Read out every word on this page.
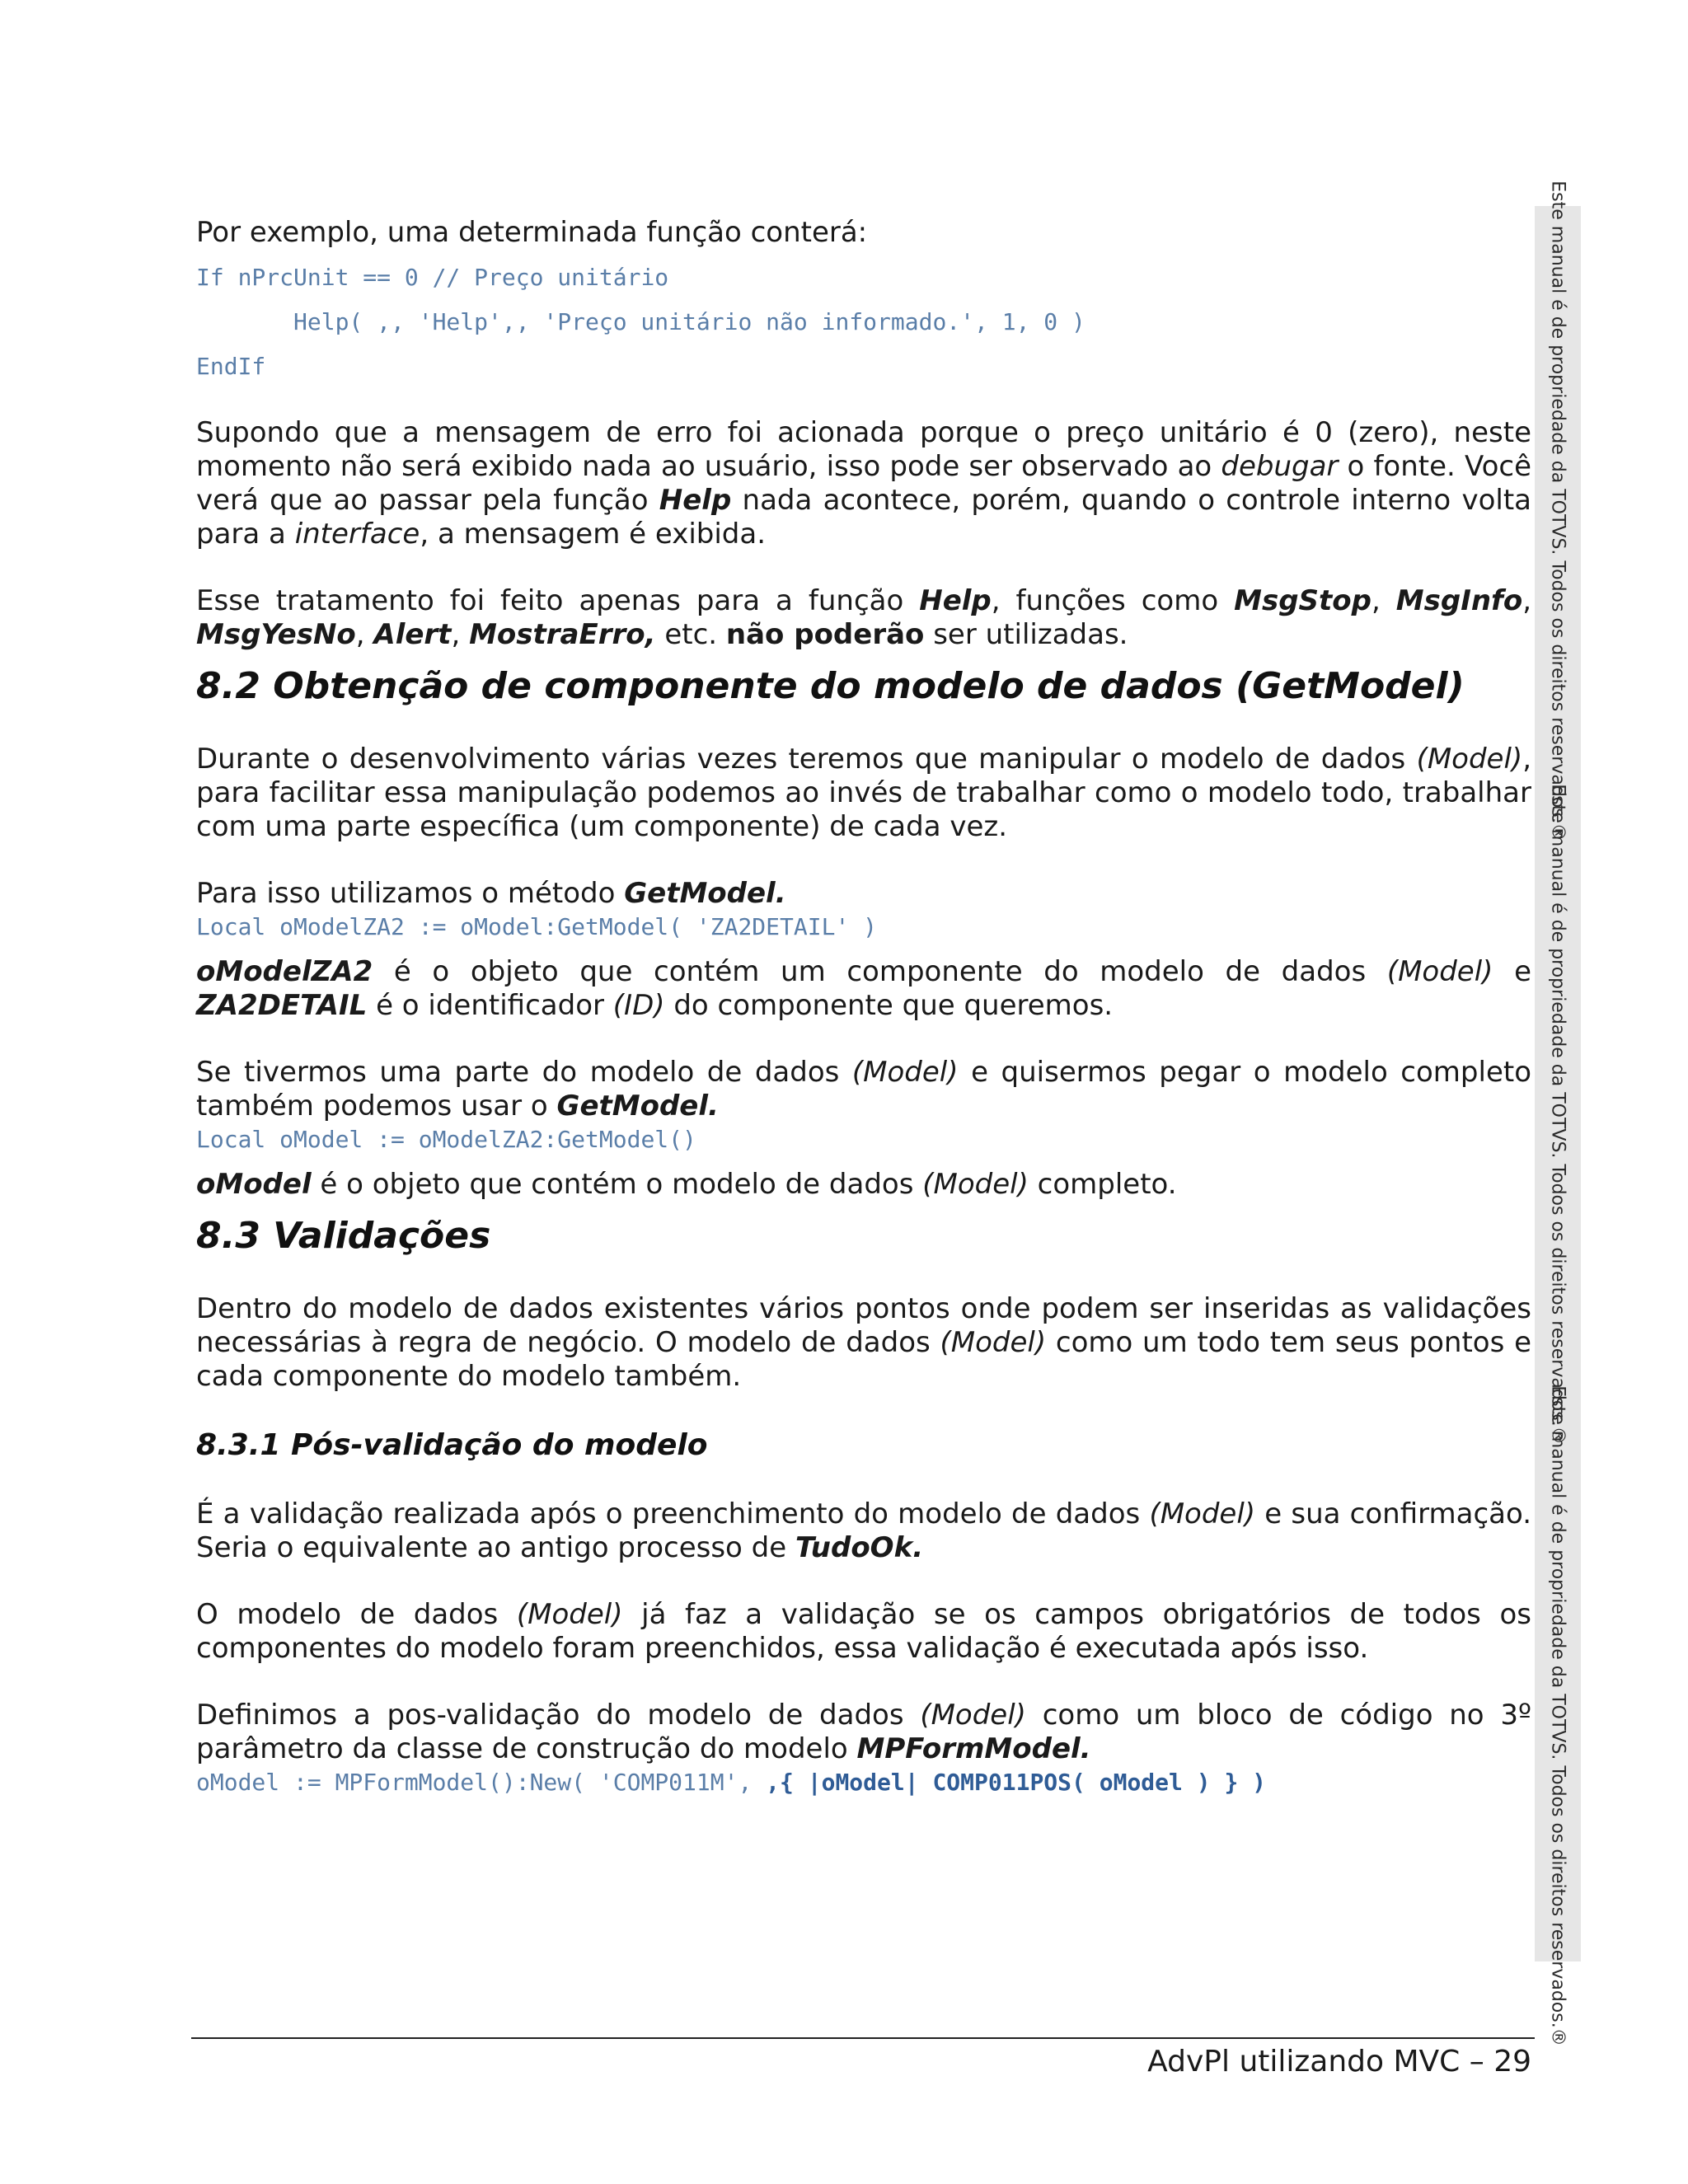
Por exemplo, uma determinada função conterá:

If nPrcUnit == 0 // Preço unitário
Help( ,, 'Help',, 'Preço unitário não informado.', 1, 0 )
EndIf

Supondo que a mensagem de erro foi acionada porque o preço unitário é 0 (zero), neste momento não será exibido nada ao usuário, isso pode ser observado ao debugar o fonte. Você verá que ao passar pela função Help nada acontece, porém, quando o controle interno volta para a interface, a mensagem é exibida.

Esse tratamento foi feito apenas para a função Help, funções como MsgStop, MsgInfo, MsgYesNo, Alert, MostraErro, etc. não poderão ser utilizadas.

8.2 Obtenção de componente do modelo de dados (GetModel)

Durante o desenvolvimento várias vezes teremos que manipular o modelo de dados (Model), para facilitar essa manipulação podemos ao invés de trabalhar como o modelo todo, trabalhar com uma parte específica (um componente) de cada vez.

Para isso utilizamos o método GetModel.

Local oModelZA2 := oModel:GetModel( 'ZA2DETAIL' )

oModelZA2 é o objeto que contém um componente do modelo de dados (Model) e ZA2DETAIL é o identificador (ID) do componente que queremos.

Se tivermos uma parte do modelo de dados (Model) e quisermos pegar o modelo completo também podemos usar o GetModel.

Local oModel := oModelZA2:GetModel()

oModel é o objeto que contém o modelo de dados (Model) completo.

8.3 Validações

Dentro do modelo de dados existentes vários pontos onde podem ser inseridas as validações necessárias à regra de negócio. O modelo de dados (Model) como um todo tem seus pontos e cada componente do modelo também.

8.3.1 Pós-validação do modelo

É a validação realizada após o preenchimento do modelo de dados (Model) e sua confirmação. Seria o equivalente ao antigo processo de TudoOk.

O modelo de dados (Model) já faz a validação se os campos obrigatórios de todos os componentes do modelo foram preenchidos, essa validação é executada após isso.

Definimos a pos-validação do modelo de dados (Model) como um bloco de código no 3º parâmetro da classe de construção do modelo MPFormModel.

oModel := MPFormModel():New( 'COMP011M', ,{ |oModel| COMP011POS( oModel ) } )
Este manual é de propriedade da TOTVS. Todos os direitos reservados.®
Este manual é de propriedade da TOTVS. Todos os direitos reservados.®
Este manual é de propriedade da TOTVS. Todos os direitos reservados.®
AdvPl utilizando MVC – 29
